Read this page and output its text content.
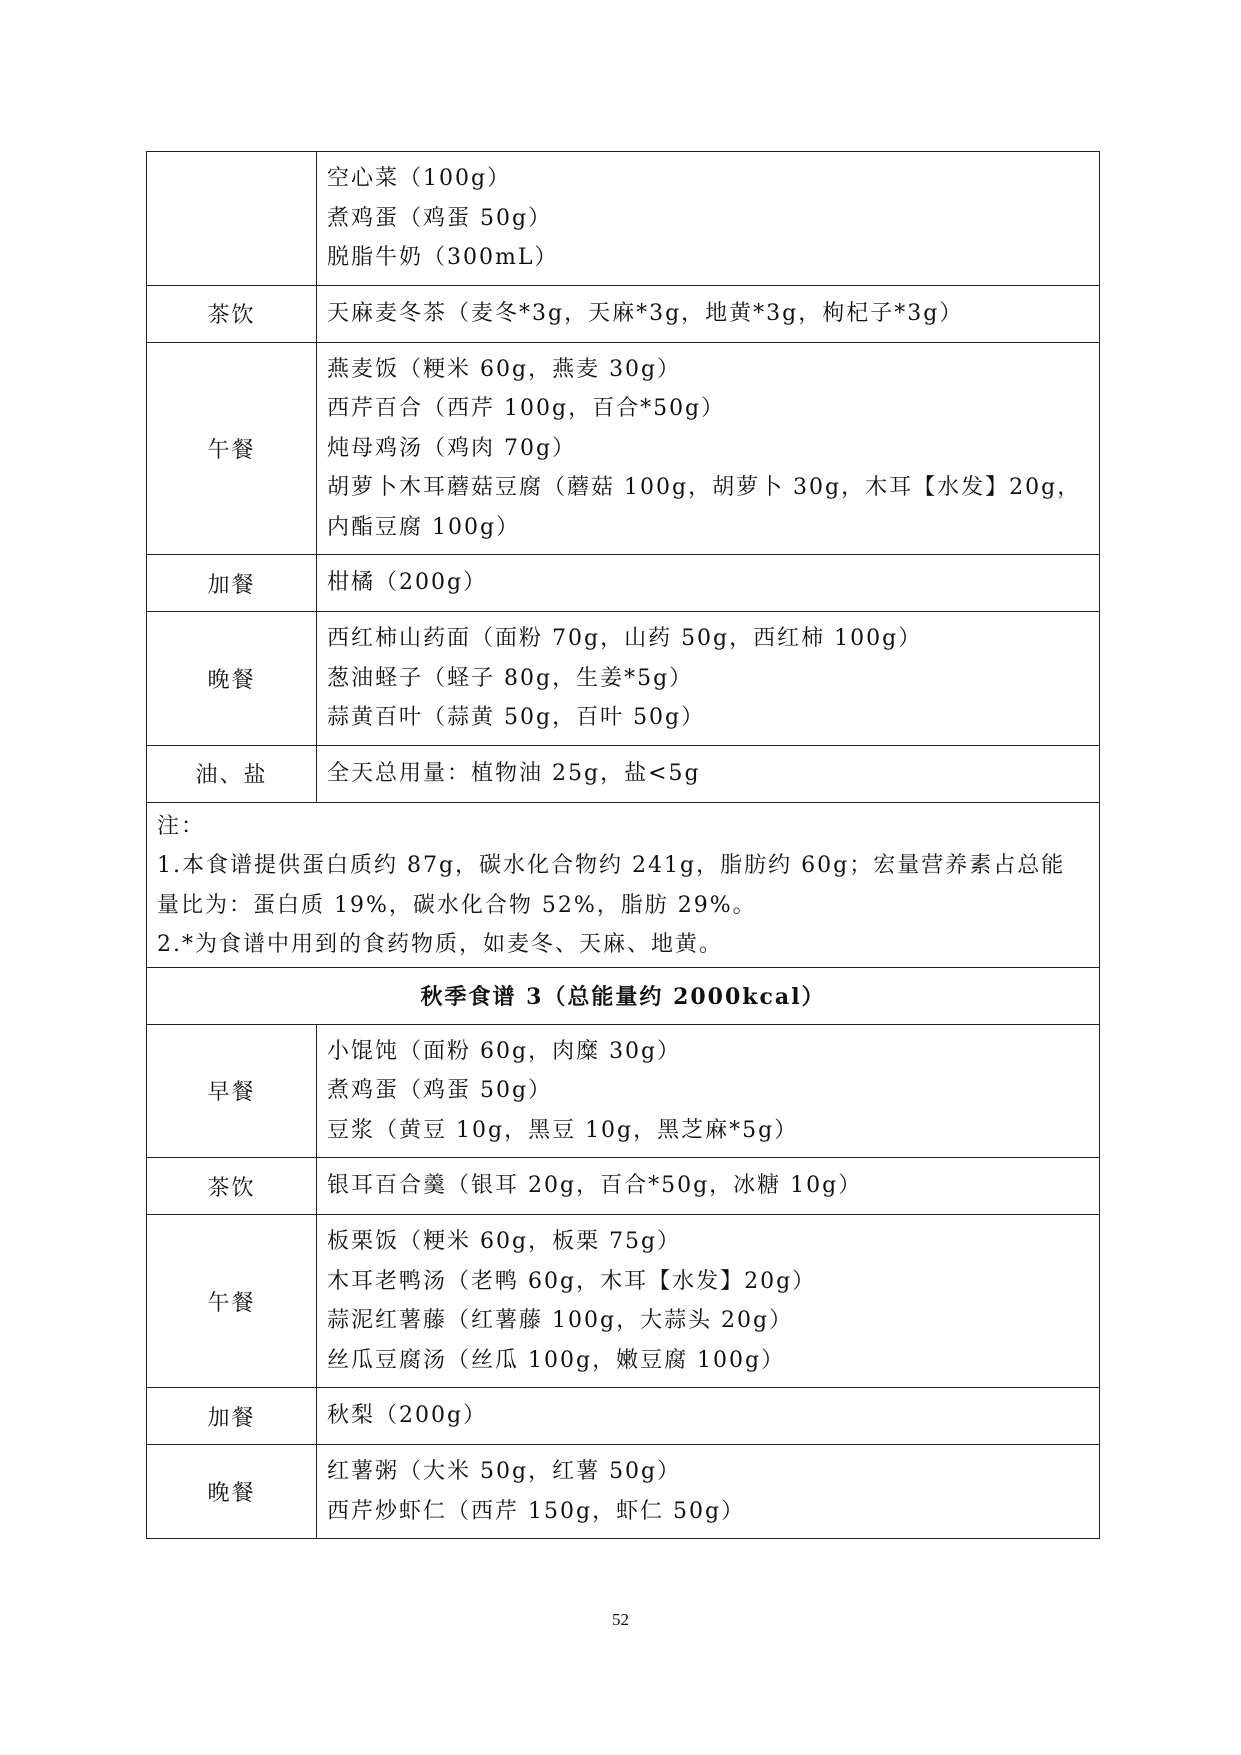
	空心菜（100g）
煮鸡蛋（鸡蛋 50g）
脱脂牛奶（300mL）

茶饮	天麻麦冬茶（麦冬*3g，天麻*3g，地黄*3g，枸杞子*3g）

午餐	燕麦饭（粳米 60g，燕麦 30g）
西芹百合（西芹 100g，百合*50g）
炖母鸡汤（鸡肉 70g）
胡萝卜木耳蘑菇豆腐（蘑菇 100g，胡萝卜 30g，木耳【水发】20g，内酯豆腐 100g）

加餐	柑橘（200g）

晚餐	西红柿山药面（面粉 70g，山药 50g，西红柿 100g）
葱油蛏子（蛏子 80g，生姜*5g）
蒜黄百叶（蒜黄 50g，百叶 50g）

油、盐	全天总用量：植物油 25g，盐<5g

注：
1.本食谱提供蛋白质约 87g，碳水化合物约 241g，脂肪约 60g；宏量营养素占总能量比为：蛋白质 19%，碳水化合物 52%，脂肪 29%。
2.*为食谱中用到的食药物质，如麦冬、天麻、地黄。	

秋季食谱 3（总能量约 2000kcal）	
早餐	小馄饨（面粉 60g，肉糜 30g）
煮鸡蛋（鸡蛋 50g）
豆浆（黄豆 10g，黑豆 10g，黑芝麻*5g）

茶饮	银耳百合羹（银耳 20g，百合*50g，冰糖 10g）

午餐	板栗饭（粳米 60g，板栗 75g）
木耳老鸭汤（老鸭 60g，木耳【水发】20g）
蒜泥红薯藤（红薯藤 100g，大蒜头 20g）
丝瓜豆腐汤（丝瓜 100g，嫩豆腐 100g）

加餐	秋梨（200g）

晚餐	红薯粥（大米 50g，红薯 50g）
西芹炒虾仁（西芹 150g，虾仁 50g）
52
